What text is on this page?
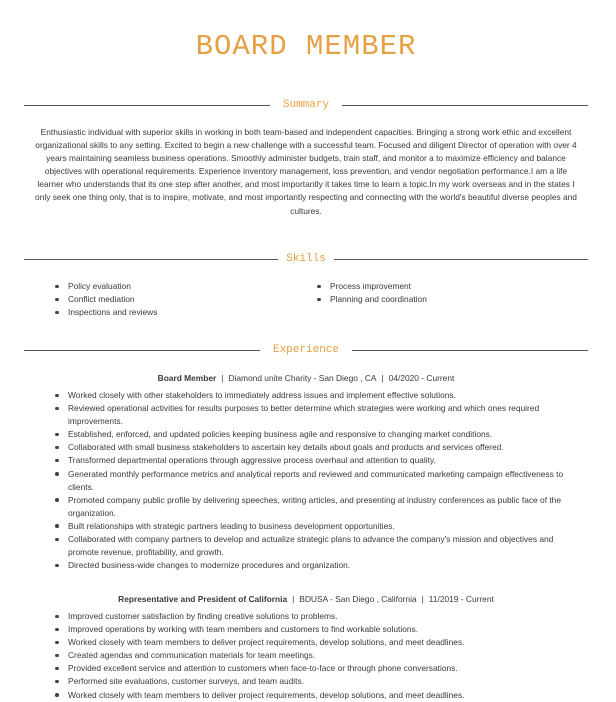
BOARD MEMBER
Summary

Enthusiastic individual with superior skills in working in both team-based and independent capacities. Bringing a strong work ethic and excellent organizational skills to any setting. Excited to begin a new challenge with a successful team. Focused and diligent Director of operation with over 4 years maintaining seamless business operations. Smoothly administer budgets, train staff, and monitor a to maximize efficiency and balance objectives with operational requirements. Experience inventory management, loss prevention, and vendor negotiation performance.I am a life learner who understands that its one step after another, and most importantly it takes time to learn a topic.In my work overseas and in the states I only seek one thing only, that is to inspire, motivate, and most importantly respecting and connecting with the world's beautiful diverse peoples and cultures.

Skills
Policy evaluation
Conflict mediation
Inspections and reviews
Process improvement
Planning and coordination
Experience
Board Member | Diamond unite Charity - San Diego , CA | 04/2020 - Current
Worked closely with other stakeholders to immediately address issues and implement effective solutions.
Reviewed operational activities for results purposes to better determine which strategies were working and which ones required improvements.
Established, enforced, and updated policies keeping business agile and responsive to changing market conditions.
Collaborated with small business stakeholders to ascertain key details about goals and products and services offered.
Transformed departmental operations through aggressive process overhaul and attention to quality.
Generated monthly performance metrics and analytical reports and reviewed and communicated marketing campaign effectiveness to clients.
Promoted company public profile by delivering speeches, writing articles, and presenting at industry conferences as public face of the organization.
Built relationships with strategic partners leading to business development opportunities.
Collaborated with company partners to develop and actualize strategic plans to advance the company's mission and objectives and promote revenue, profitability, and growth.
Directed business-wide changes to modernize procedures and organization.
Representative and President of California | BDUSA - San Diego , California | 11/2019 - Current
Improved customer satisfaction by finding creative solutions to problems.
Improved operations by working with team members and customers to find workable solutions.
Worked closely with team members to deliver project requirements, develop solutions, and meet deadlines.
Created agendas and communication materials for team meetings.
Provided excellent service and attention to customers when face-to-face or through phone conversations.
Performed site evaluations, customer surveys, and team audits.
Worked closely with team members to deliver project requirements, develop solutions, and meet deadlines.
